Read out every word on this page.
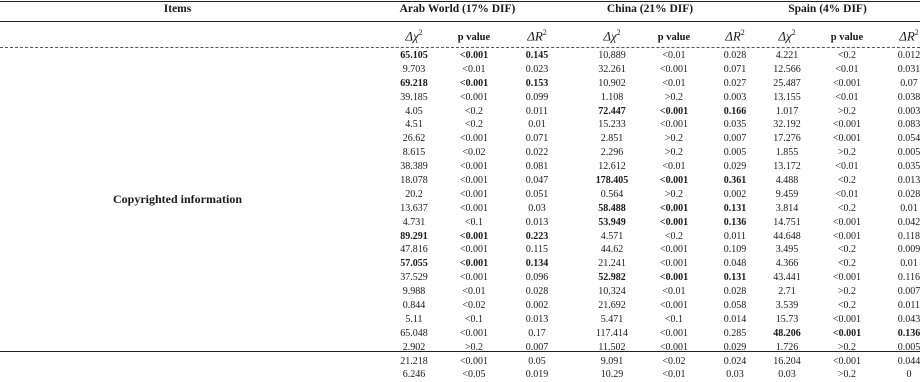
Items	Arab World (17% DIF)	China (21% DIF)	Spain (4% DIF)
$\Delta\chi^2$	p value	$\Delta R^2$	$\Delta\chi^2$	p value	$\Delta R^2$	$\Delta\chi^2$	p value	$\Delta R^2$
Copyrighted information
65.105	<0.001	0.145	10.889	<0.01	0.028	4.221	<0.2	0.012
9.703	<0.01	0.023	32.261	<0.001	0.071	12.566	<0.01	0.031
69.218	<0.001	0.153	10.902	<0.01	0.027	25.487	<0.001	0.07
39.185	<0.001	0.099	1.108	>0.2	0.003	13.155	<0.01	0.038
4.05	<0.2	0.011	72.447	<0.001	0.166	1.017	>0.2	0.003
4.51	<0.2	0.01	15.233	<0.001	0.035	32.192	<0.001	0.083
26.62	<0.001	0.071	2.851	>0.2	0.007	17.276	<0.001	0.054
8.615	<0.02	0.022	2.296	>0.2	0.005	1.855	>0.2	0.005
38.389	<0.001	0.081	12.612	<0.01	0.029	13.172	<0.01	0.035
18.078	<0.001	0.047	178.405	<0.001	0.361	4.488	<0.2	0.013
20.2	<0.001	0.051	0.564	>0.2	0.002	9.459	<0.01	0.028
13.637	<0.001	0.03	58.488	<0.001	0.131	3.814	<0.2	0.01
4.731	<0.1	0.013	53.949	<0.001	0.136	14.751	<0.001	0.042
89.291	<0.001	0.223	4.571	<0.2	0.011	44.648	<0.001	0.118
47.816	<0.001	0.115	44.62	<0.001	0.109	3.495	<0.2	0.009
57.055	<0.001	0.134	21.241	<0.001	0.048	4.366	<0.2	0.01
37.529	<0.001	0.096	52.982	<0.001	0.131	43.441	<0.001	0.116
9.988	<0.01	0.028	10.324	<0.01	0.028	2.71	>0.2	0.007
0.844	<0.02	0.002	21.692	<0.001	0.058	3.539	<0.2	0.011
5.11	<0.1	0.013	5.471	<0.1	0.014	15.73	<0.001	0.043
65.048	<0.001	0.17	117.414	<0.001	0.285	48.206	<0.001	0.136
2.902	>0.2	0.007	11.502	<0.001	0.029	1.726	>0.2	0.005
21.218	<0.001	0.05	9.091	<0.02	0.024	16.204	<0.001	0.044
6.246	<0.05	0.019	10.29	<0.01	0.03	0.03	>0.2	0
